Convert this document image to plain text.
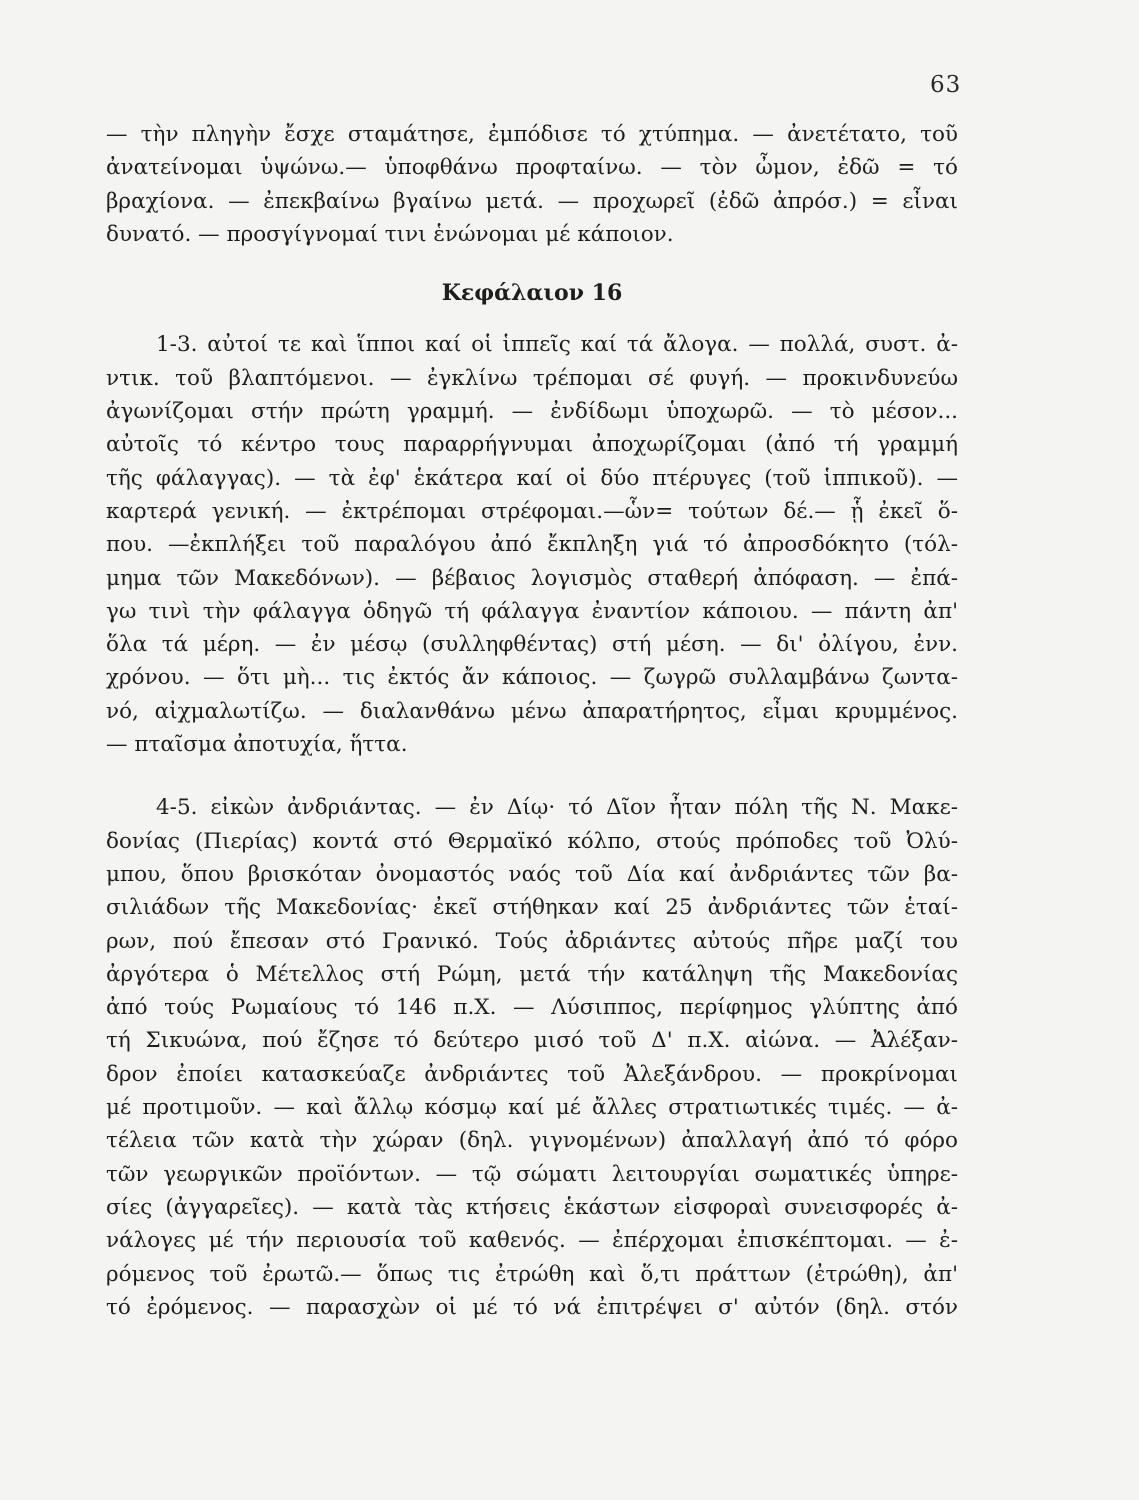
63
— τὴν πληγὴν ἔσχε σταμάτησε, ἐμπόδισε τό χτύπημα. — ἀνετέτατο, τοῦ
ἀνατείνομαι ὑψώνω.— ὑποφθάνω προφταίνω. — τὸν ὦμον, ἐδῶ = τό
βραχίονα. — ἐπεκβαίνω βγαίνω μετά. — προχωρεῖ (ἐδῶ ἀπρόσ.) = εἶναι
δυνατό. — προσγίγνομαί τινι ἑνώνομαι μέ κάποιον.
Κεφάλαιον 16
1-3. αὐτοί τε καὶ ἵπποι καί οἱ ἱππεῖς καί τά ἄλογα. — πολλά, συστ. ἀ-
ντικ. τοῦ βλαπτόμενοι. — ἐγκλίνω τρέπομαι σέ φυγή. — προκινδυνεύω
ἀγωνίζομαι στήν πρώτη γραμμή. — ἐνδίδωμι ὑποχωρῶ. — τὸ μέσον...
αὐτοῖς τό κέντρο τους παραρρήγνυμαι ἀποχωρίζομαι (ἀπό τή γραμμή
τῆς φάλαγγας). — τὰ ἐφ' ἑκάτερα καί οἱ δύο πτέρυγες (τοῦ ἱππικοῦ). —
καρτερά γενική. — ἐκτρέπομαι στρέφομαι.—ὧν= τούτων δέ.— ᾗ ἐκεῖ ὅ-
που. —ἐκπλήξει τοῦ παραλόγου ἀπό ἔκπληξη γιά τό ἀπροσδόκητο (τόλ-
μημα τῶν Μακεδόνων). — βέβαιος λογισμὸς σταθερή ἀπόφαση. — ἐπά-
γω τινὶ τὴν φάλαγγα ὁδηγῶ τή φάλαγγα ἐναντίον κάποιου. — πάντη ἀπ'
ὅλα τά μέρη. — ἐν μέσῳ (συλληφθέντας) στή μέση. — δι' ὀλίγου, ἐνν.
χρόνου. — ὅτι μὴ... τις ἐκτός ἄν κάποιος. — ζωγρῶ συλλαμβάνω ζωντα-
νό, αἰχμαλωτίζω. — διαλανθάνω μένω ἀπαρατήρητος, εἶμαι κρυμμένος.
— πταῖσμα ἀποτυχία, ἥττα.
4-5. εἰκὼν ἀνδριάντας. — ἐν Δίῳ· τό Δῖον ἦταν πόλη τῆς Ν. Μακε-
δονίας (Πιερίας) κοντά στό Θερμαϊκό κόλπο, στούς πρόποδες τοῦ Ὀλύ-
μπου, ὅπου βρισκόταν ὀνομαστός ναός τοῦ Δία καί ἀνδριάντες τῶν βα-
σιλιάδων τῆς Μακεδονίας· ἐκεῖ στήθηκαν καί 25 ἀνδριάντες τῶν ἑταί-
ρων, πού ἔπεσαν στό Γρανικό. Τούς ἀδριάντες αὐτούς πῆρε μαζί του
ἀργότερα ὁ Μέτελλος στή Ρώμη, μετά τήν κατάληψη τῆς Μακεδονίας
ἀπό τούς Ρωμαίους τό 146 π.Χ. — Λύσιππος, περίφημος γλύπτης ἀπό
τή Σικυώνα, πού ἔζησε τό δεύτερο μισό τοῦ Δ' π.Χ. αἰώνα. — Ἀλέξαν-
δρον ἐποίει κατασκεύαζε ἀνδριάντες τοῦ Ἀλεξάνδρου. — προκρίνομαι
μέ προτιμοῦν. — καὶ ἄλλῳ κόσμῳ καί μέ ἄλλες στρατιωτικές τιμές. — ἀ-
τέλεια τῶν κατὰ τὴν χώραν (δηλ. γιγνομένων) ἀπαλλαγή ἀπό τό φόρο
τῶν γεωργικῶν προϊόντων. — τῷ σώματι λειτουργίαι σωματικές ὑπηρε-
σίες (ἀγγαρεῖες). — κατὰ τὰς κτήσεις ἑκάστων εἰσφοραὶ συνεισφορές ἀ-
νάλογες μέ τήν περιουσία τοῦ καθενός. — ἐπέρχομαι ἐπισκέπτομαι. — ἐ-
ρόμενος τοῦ ἐρωτῶ.— ὅπως τις ἐτρώθη καὶ ὅ,τι πράττων (ἐτρώθη), ἀπ'
τό ἐρόμενος. — παρασχὼν οἱ μέ τό νά ἐπιτρέψει σ' αὐτόν (δηλ. στόν
